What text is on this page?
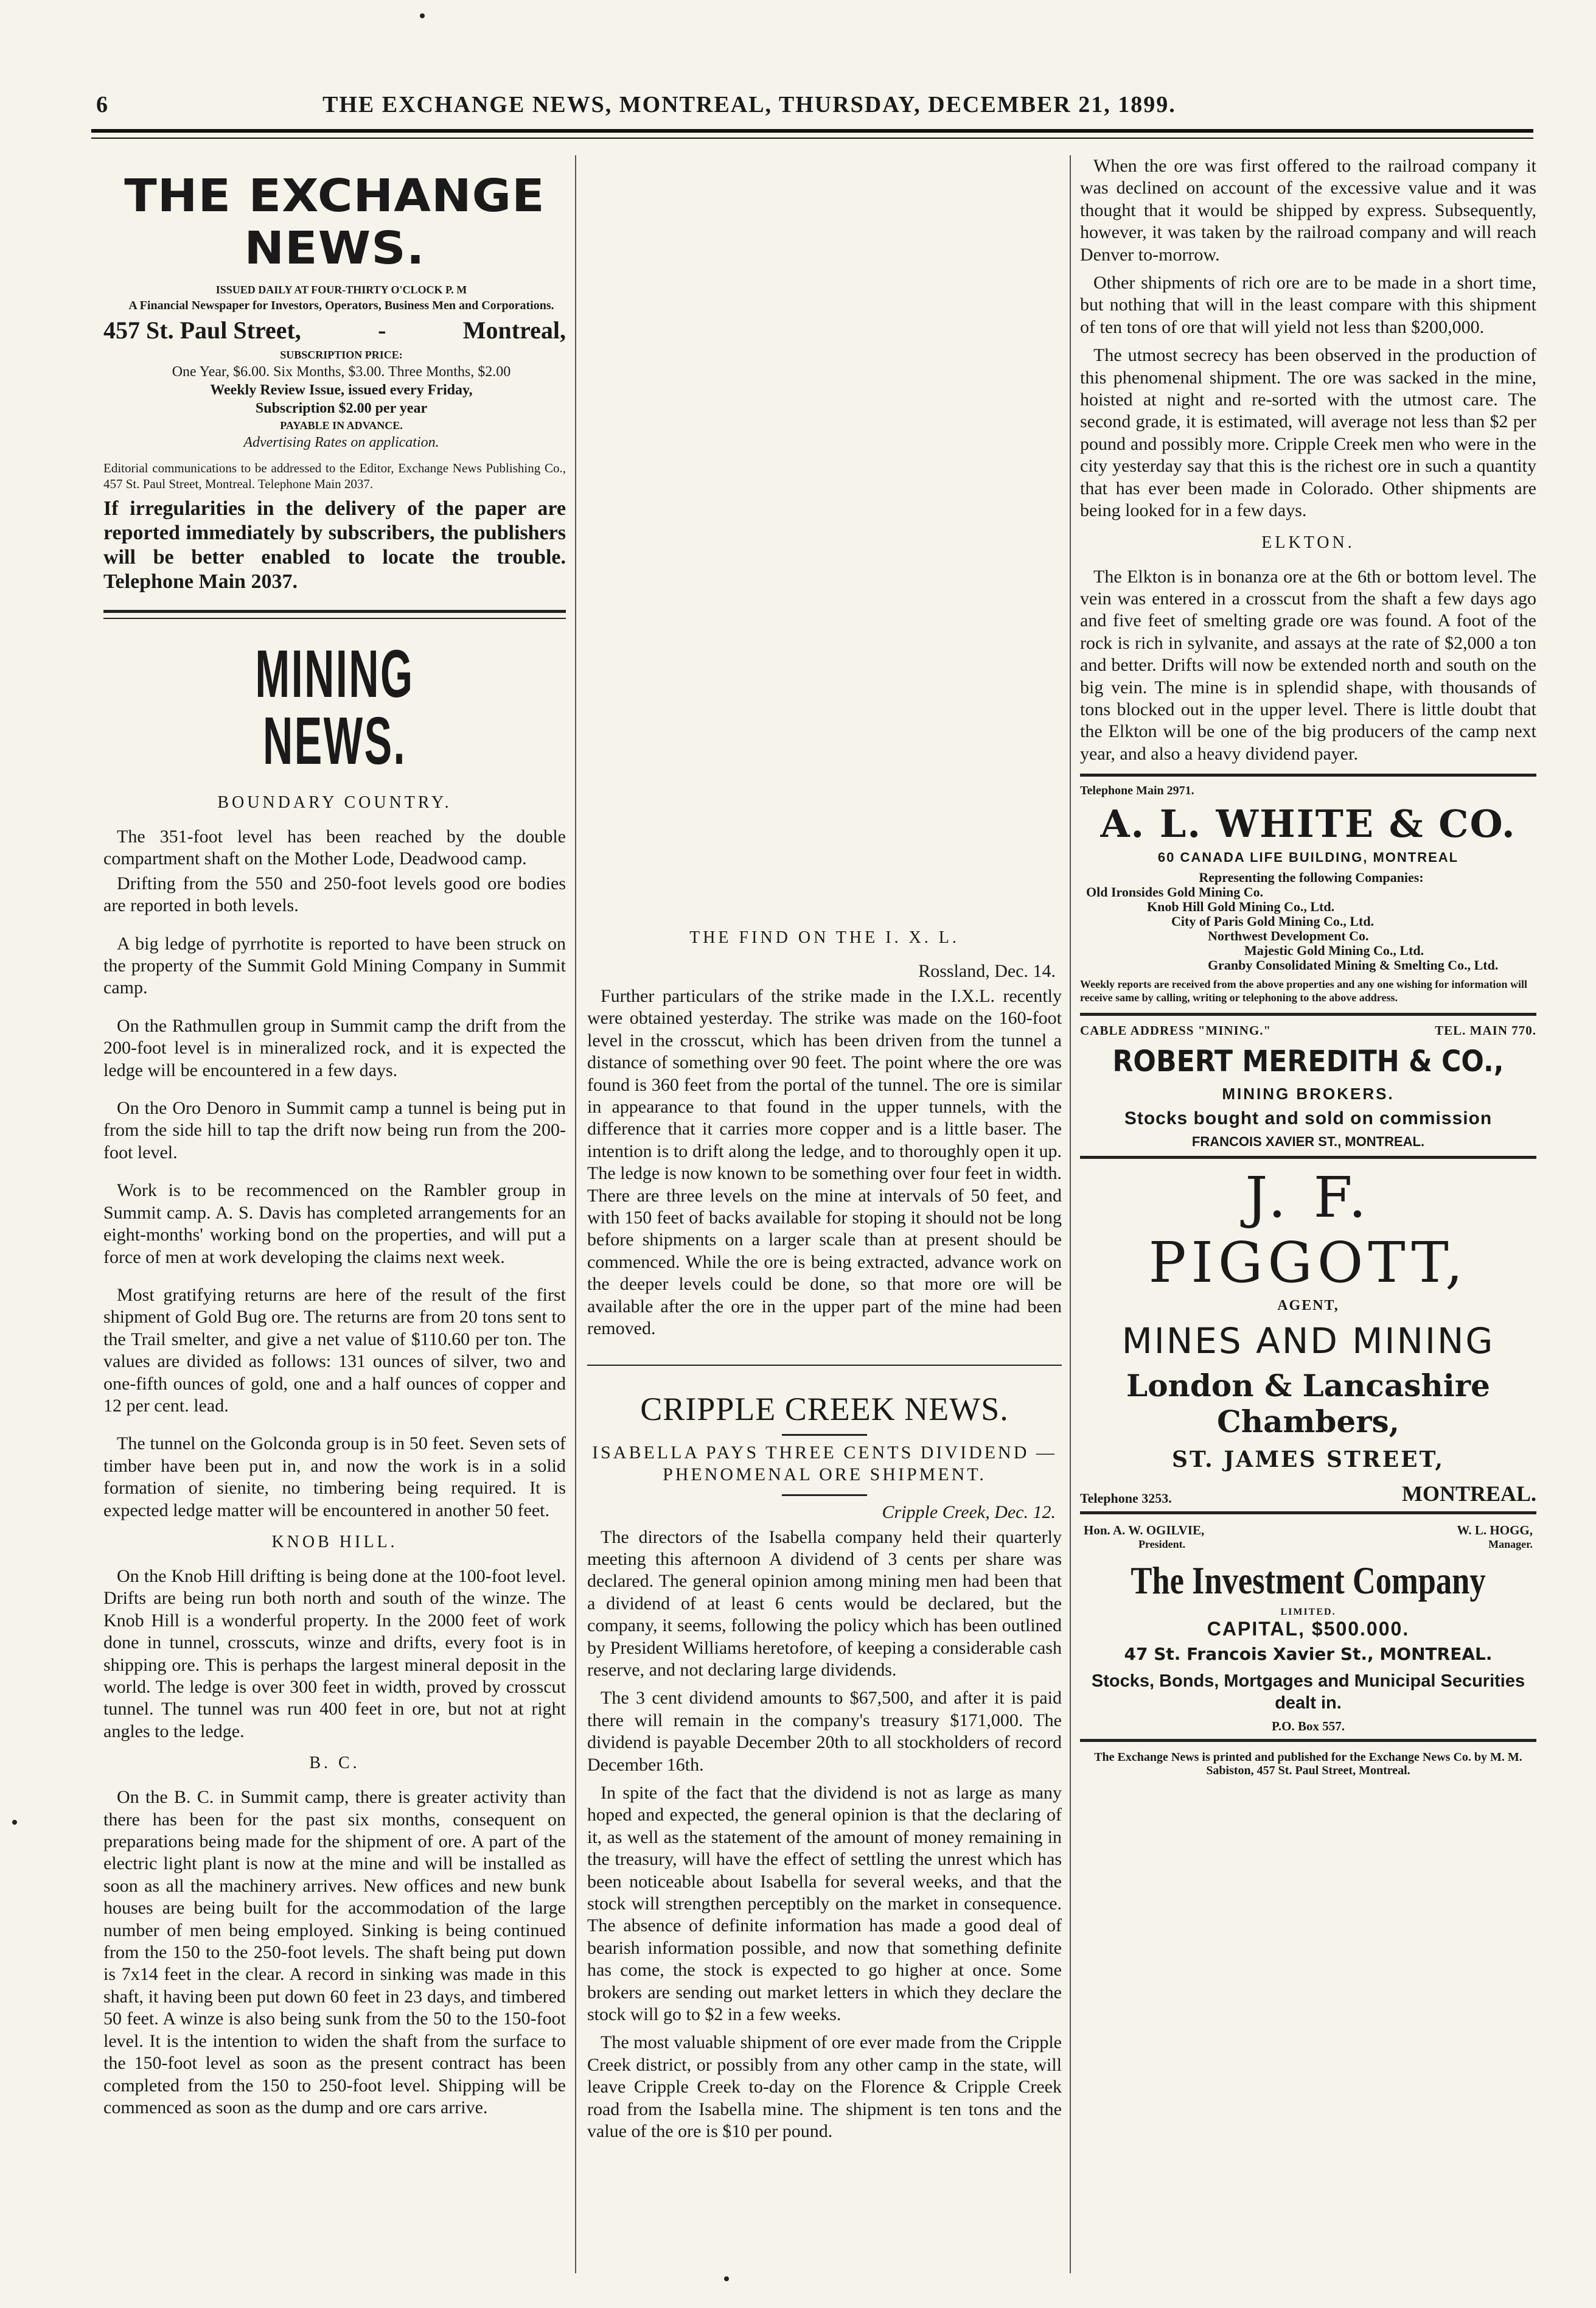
6	THE EXCHANGE NEWS, MONTREAL, THURSDAY, DECEMBER 21, 1899.
THE EXCHANGE NEWS.

ISSUED DAILY AT FOUR-THIRTY O'CLOCK P. M

A Financial Newspaper for Investors, Operators, Business Men and Corporations.

457 St. Paul Street,	-	Montreal,

SUBSCRIPTION PRICE:

One Year, $6.00. Six Months, $3.00. Three Months, $2.00

Weekly Review Issue, issued every Friday,

Subscription $2.00 per year

PAYABLE IN ADVANCE.

Advertising Rates on application.

Editorial communications to be addressed to the Editor, Exchange News Publishing Co., 457 St. Paul Street, Montreal. Telephone Main 2037.

If irregularities in the delivery of the paper are reported immediately by subscribers, the publishers will be better enabled to locate the trouble. Telephone Main 2037.

MINING NEWS.
BOUNDARY COUNTRY.

The 351-foot level has been reached by the double compartment shaft on the Mother Lode, Deadwood camp.

Drifting from the 550 and 250-foot levels good ore bodies are reported in both levels.

A big ledge of pyrrhotite is reported to have been struck on the property of the Summit Gold Mining Company in Summit camp.

On the Rathmullen group in Summit camp the drift from the 200-foot level is in mineralized rock, and it is expected the ledge will be encountered in a few days.

On the Oro Denoro in Summit camp a tunnel is being put in from the side hill to tap the drift now being run from the 200-foot level.

Work is to be recommenced on the Rambler group in Summit camp. A. S. Davis has completed arrangements for an eight-months' working bond on the properties, and will put a force of men at work developing the claims next week.

Most gratifying returns are here of the result of the first shipment of Gold Bug ore. The returns are from 20 tons sent to the Trail smelter, and give a net value of $110.60 per ton. The values are divided as follows: 131 ounces of silver, two and one-fifth ounces of gold, one and a half ounces of copper and 12 per cent. lead.

The tunnel on the Golconda group is in 50 feet. Seven sets of timber have been put in, and now the work is in a solid formation of sienite, no timbering being required. It is expected ledge matter will be encountered in another 50 feet.

KNOB HILL.

On the Knob Hill drifting is being done at the 100-foot level. Drifts are being run both north and south of the winze. The Knob Hill is a wonderful property. In the 2000 feet of work done in tunnel, crosscuts, winze and drifts, every foot is in shipping ore. This is perhaps the largest mineral deposit in the world. The ledge is over 300 feet in width, proved by crosscut tunnel. The tunnel was run 400 feet in ore, but not at right angles to the ledge.

B. C.

On the B. C. in Summit camp, there is greater activity than there has been for the past six months, consequent on preparations being made for the shipment of ore. A part of the electric light plant is now at the mine and will be installed as soon as all the machinery arrives. New offices and new bunk houses are being built for the accommodation of the large number of men being employed. Sinking is being continued from the 150 to the 250-foot levels. The shaft being put down is 7x14 feet in the clear. A record in sinking was made in this shaft, it having been put down 60 feet in 23 days, and timbered 50 feet. A winze is also being sunk from the 50 to the 150-foot level. It is the intention to widen the shaft from the surface to the 150-foot level as soon as the present contract has been completed from the 150 to 250-foot level. Shipping will be commenced as soon as the dump and ore cars arrive.

THE FIND ON THE I. X. L.
Rossland, Dec. 14.

Further particulars of the strike made in the I.X.L. recently were obtained yesterday. The strike was made on the 160-foot level in the crosscut, which has been driven from the tunnel a distance of something over 90 feet. The point where the ore was found is 360 feet from the portal of the tunnel. The ore is similar in appearance to that found in the upper tunnels, with the difference that it carries more copper and is a little baser. The intention is to drift along the ledge, and to thoroughly open it up. The ledge is now known to be something over four feet in width. There are three levels on the mine at intervals of 50 feet, and with 150 feet of backs available for stoping it should not be long before shipments on a larger scale than at present should be commenced. While the ore is being extracted, advance work on the deeper levels could be done, so that more ore will be available after the ore in the upper part of the mine had been removed.

CRIPPLE CREEK NEWS.
ISABELLA PAYS THREE CENTS DIVIDEND — PHENOMENAL ORE SHIPMENT.
Cripple Creek, Dec. 12.

The directors of the Isabella company held their quarterly meeting this afternoon A dividend of 3 cents per share was declared. The general opinion among mining men had been that a dividend of at least 6 cents would be declared, but the company, it seems, following the policy which has been outlined by President Williams heretofore, of keeping a considerable cash reserve, and not declaring large dividends.

The 3 cent dividend amounts to $67,500, and after it is paid there will remain in the company's treasury $171,000. The dividend is payable December 20th to all stockholders of record December 16th.

In spite of the fact that the dividend is not as large as many hoped and expected, the general opinion is that the declaring of it, as well as the statement of the amount of money remaining in the treasury, will have the effect of settling the unrest which has been noticeable about Isabella for several weeks, and that the stock will strengthen perceptibly on the market in consequence. The absence of definite information has made a good deal of bearish information possible, and now that something definite has come, the stock is expected to go higher at once. Some brokers are sending out market letters in which they declare the stock will go to $2 in a few weeks.

The most valuable shipment of ore ever made from the Cripple Creek district, or possibly from any other camp in the state, will leave Cripple Creek to-day on the Florence & Cripple Creek road from the Isabella mine. The shipment is ten tons and the value of the ore is $10 per pound.

When the ore was first offered to the railroad company it was declined on account of the excessive value and it was thought that it would be shipped by express. Subsequently, however, it was taken by the railroad company and will reach Denver to-morrow.

Other shipments of rich ore are to be made in a short time, but nothing that will in the least compare with this shipment of ten tons of ore that will yield not less than $200,000.

The utmost secrecy has been observed in the production of this phenomenal shipment. The ore was sacked in the mine, hoisted at night and re-sorted with the utmost care. The second grade, it is estimated, will average not less than $2 per pound and possibly more. Cripple Creek men who were in the city yesterday say that this is the richest ore in such a quantity that has ever been made in Colorado. Other shipments are being looked for in a few days.

ELKTON.

The Elkton is in bonanza ore at the 6th or bottom level. The vein was entered in a crosscut from the shaft a few days ago and five feet of smelting grade ore was found. A foot of the rock is rich in sylvanite, and assays at the rate of $2,000 a ton and better. Drifts will now be extended north and south on the big vein. The mine is in splendid shape, with thousands of tons blocked out in the upper level. There is little doubt that the Elkton will be one of the big producers of the camp next year, and also a heavy dividend payer.

Telephone Main 2971.
A. L. WHITE & CO.
60 CANADA LIFE BUILDING, MONTREAL
Representing the following Companies:
Old Ironsides Gold Mining Co.
Knob Hill Gold Mining Co., Ltd.
City of Paris Gold Mining Co., Ltd.
Northwest Development Co.
Majestic Gold Mining Co., Ltd.
Granby Consolidated Mining & Smelting Co., Ltd.
Weekly reports are received from the above properties and any one wishing for information will receive same by calling, writing or telephoning to the above address.
CABLE ADDRESS "MINING."	TEL. MAIN 770.
ROBERT MEREDITH & CO.,
MINING BROKERS.
Stocks bought and sold on commission
FRANCOIS XAVIER ST., MONTREAL.
J. F. PIGGOTT,
AGENT,
MINES AND MINING
London & Lancashire Chambers,
ST. JAMES STREET,
Telephone 3253.	MONTREAL.
Hon. A. W. OGILVIE,	W. L. HOGG,
President.	Manager.
The Investment Company
LIMITED.
CAPITAL, $500.000.
47 St. Francois Xavier St., MONTREAL.
Stocks, Bonds, Mortgages and Municipal Securities dealt in.
P.O. Box 557.
The Exchange News is printed and published for the Exchange News Co. by M. M. Sabiston, 457 St. Paul Street, Montreal.
